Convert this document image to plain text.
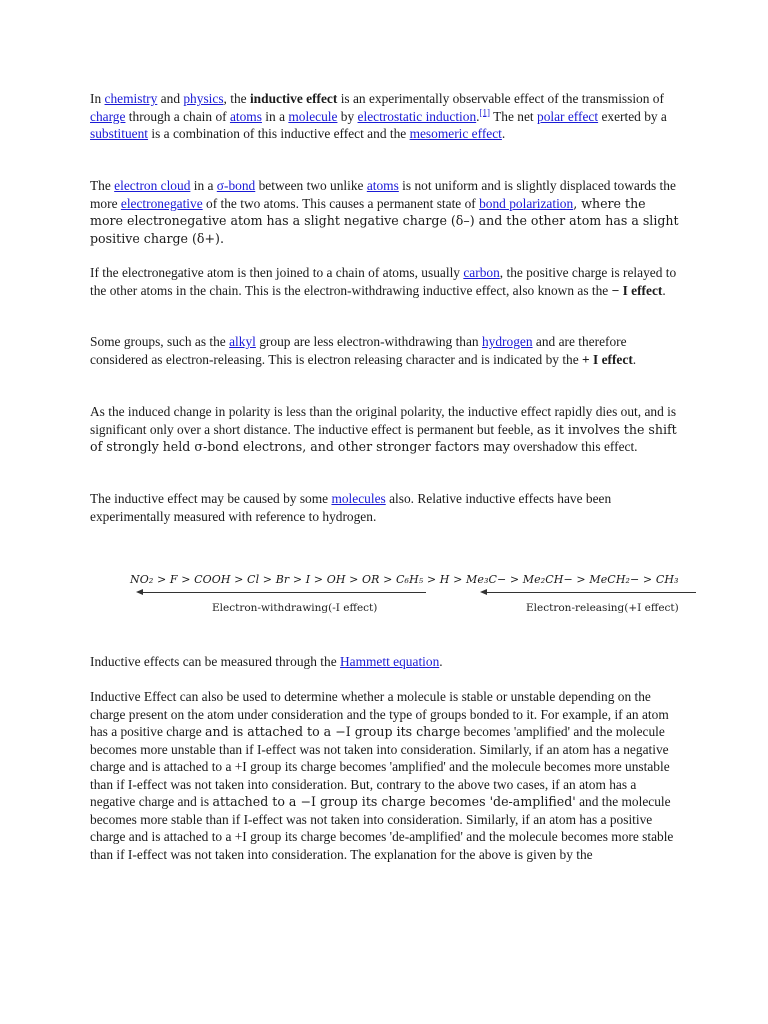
In chemistry and physics, the inductive effect is an experimentally observable effect of the transmission of charge through a chain of atoms in a molecule by electrostatic induction.[1] The net polar effect exerted by a substituent is a combination of this inductive effect and the mesomeric effect.

The electron cloud in a σ-bond between two unlike atoms is not uniform and is slightly displaced towards the more electronegative of the two atoms. This causes a permanent state of bond polarization, where the more electronegative atom has a slight negative charge (δ–) and the other atom has a slight positive charge (δ+).

If the electronegative atom is then joined to a chain of atoms, usually carbon, the positive charge is relayed to the other atoms in the chain. This is the electron-withdrawing inductive effect, also known as the − I effect.

Some groups, such as the alkyl group are less electron-withdrawing than hydrogen and are therefore considered as electron-releasing. This is electron releasing character and is indicated by the + I effect.

As the induced change in polarity is less than the original polarity, the inductive effect rapidly dies out, and is significant only over a short distance. The inductive effect is permanent but feeble, as it involves the shift of strongly held σ-bond electrons, and other stronger factors may overshadow this effect.

The inductive effect may be caused by some molecules also. Relative inductive effects have been experimentally measured with reference to hydrogen.

NO₂ > F > COOH > Cl > Br > I > OH > OR > C₆H₅ > H > Me₃C− > Me₂CH− > MeCH₂− > CH₃
Electron-withdrawing(-I effect)	Electron-releasing(+I effect)

Inductive effects can be measured through the Hammett equation.

Inductive Effect can also be used to determine whether a molecule is stable or unstable depending on the charge present on the atom under consideration and the type of groups bonded to it. For example, if an atom has a positive charge and is attached to a −I group its charge becomes 'amplified' and the molecule becomes more unstable than if I-effect was not taken into consideration. Similarly, if an atom has a negative charge and is attached to a +I group its charge becomes 'amplified' and the molecule becomes more unstable than if I-effect was not taken into consideration. But, contrary to the above two cases, if an atom has a negative charge and is attached to a −I group its charge becomes 'de-amplified' and the molecule becomes more stable than if I-effect was not taken into consideration. Similarly, if an atom has a positive charge and is attached to a +I group its charge becomes 'de-amplified' and the molecule becomes more stable than if I-effect was not taken into consideration. The explanation for the above is given by the
